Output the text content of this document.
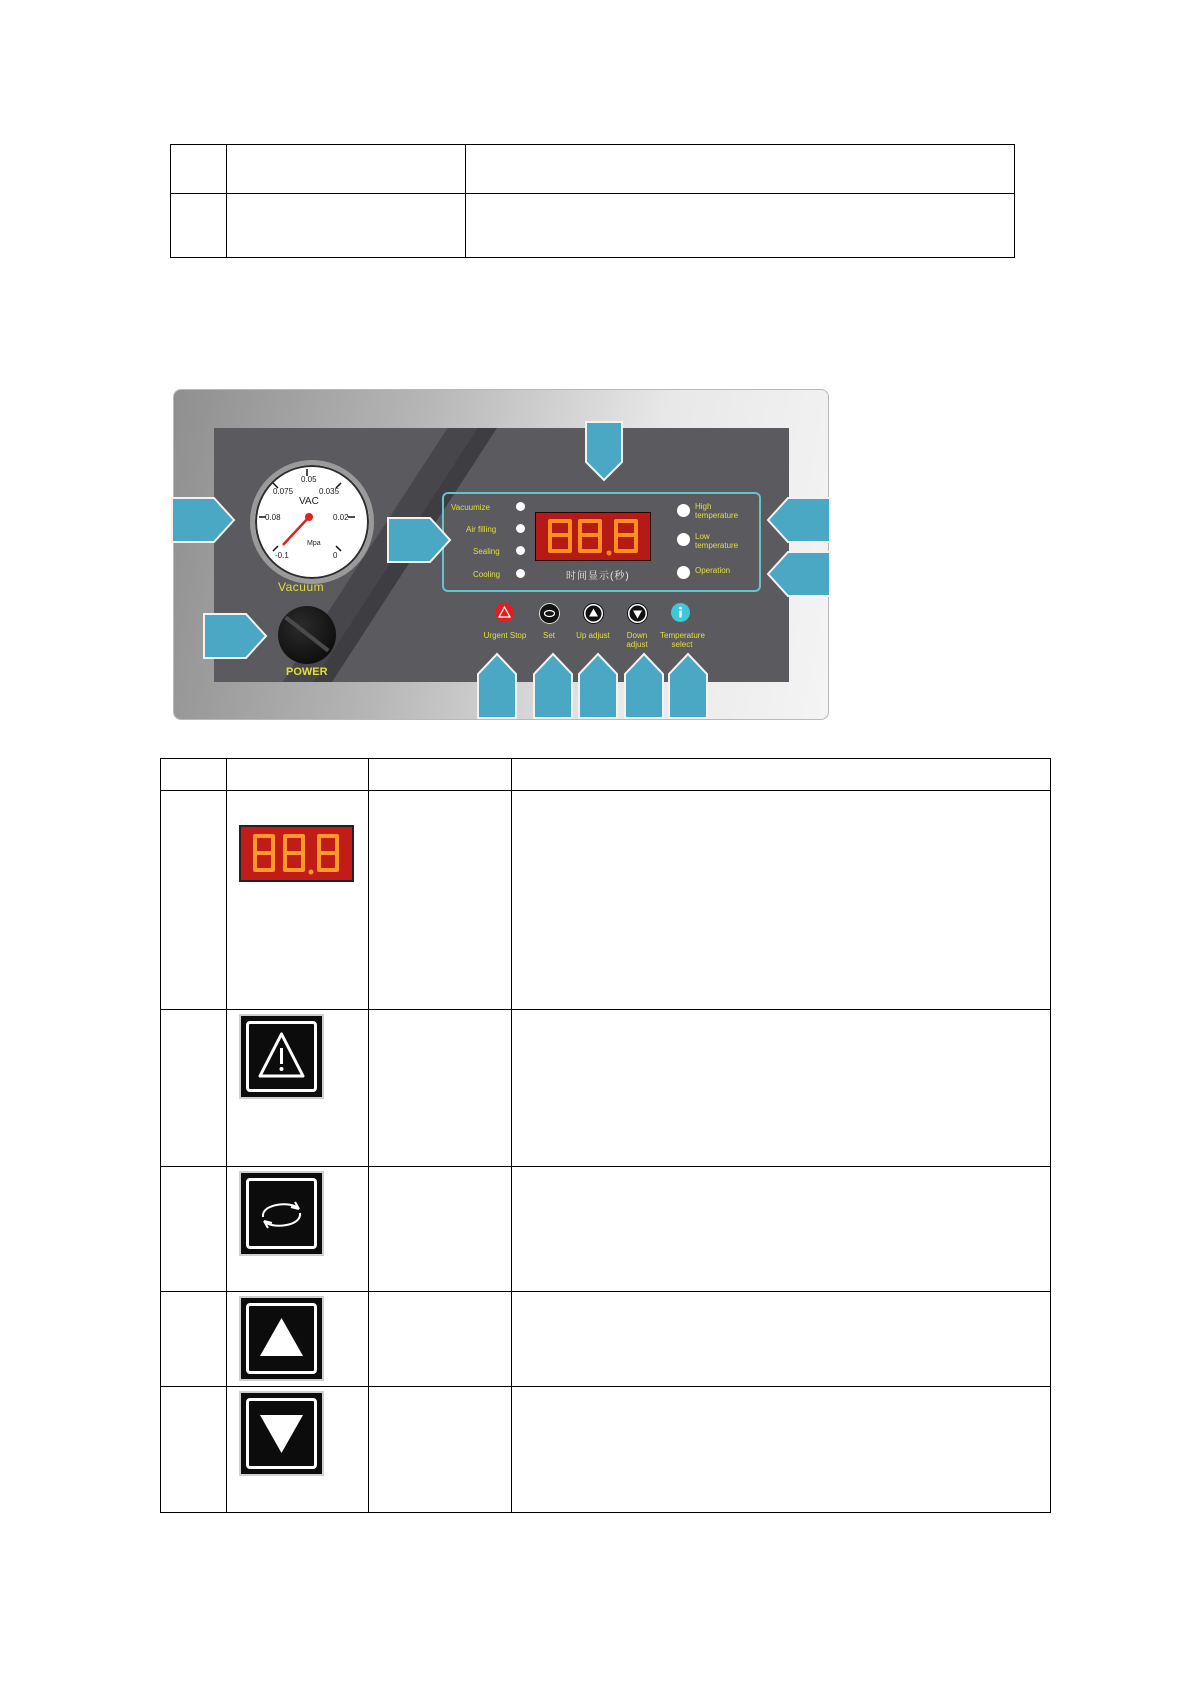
0.05
0.075	0.035
0.08	0.02
-0.1	0
VAC
Mpa
Vacuum
POWER
Vacuumize
Air filling
Sealing
Cooling	时间显示(秒)
High temperature
Low temperature
Operation
Urgent Stop	Set	Up adjust	Down adjust
Temperature select
